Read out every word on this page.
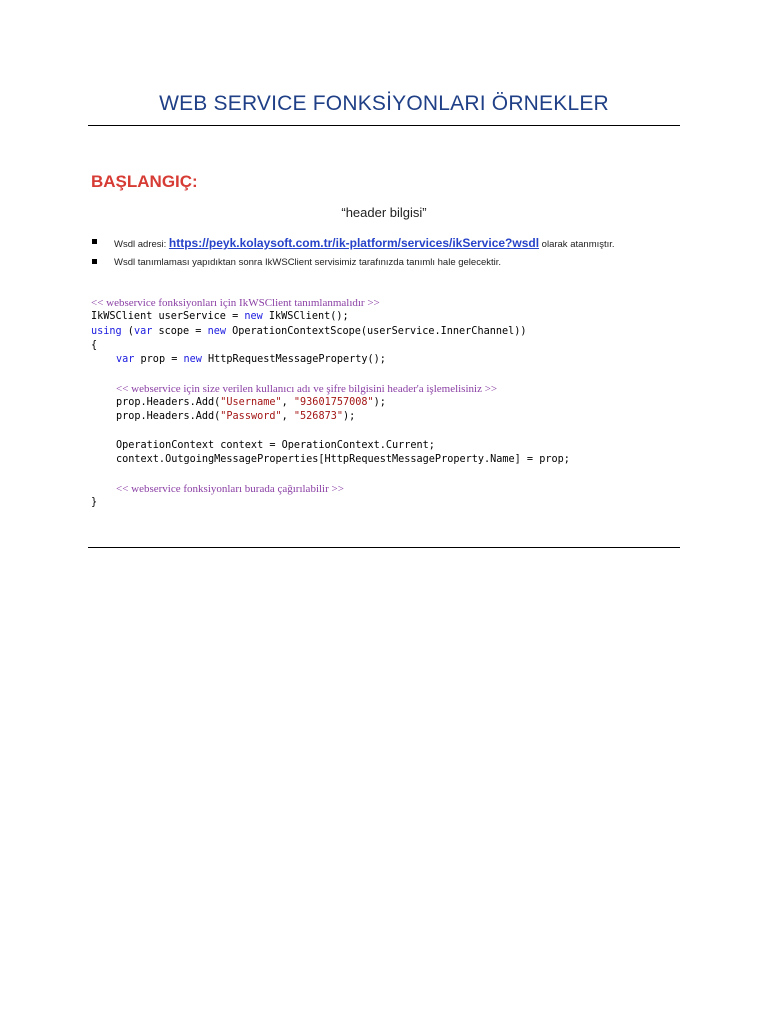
WEB SERVICE FONKSİYONLARI ÖRNEKLER
BAŞLANGIÇ:
“header bilgisi”
Wsdl adresi: https://peyk.kolaysoft.com.tr/ik-platform/services/ikService?wsdl olarak atanmıştır.
Wsdl tanımlaması yapıdıktan sonra IkWSClient servisimiz tarafınızda tanımlı hale gelecektir.
<< webservice fonksiyonları için IkWSClient tanımlanmalıdır >>
IkWSClient userService = new IkWSClient();
using (var scope = new OperationContextScope(userService.InnerChannel))
{
var prop = new HttpRequestMessageProperty();
<< webservice için size verilen kullanıcı adı ve şifre bilgisini header'a işlemelisiniz >>
prop.Headers.Add("Username", "93601757008");
prop.Headers.Add("Password", "526873");
OperationContext context = OperationContext.Current;
context.OutgoingMessageProperties[HttpRequestMessageProperty.Name] = prop;
<< webservice fonksiyonları burada çağırılabilir >>
}
